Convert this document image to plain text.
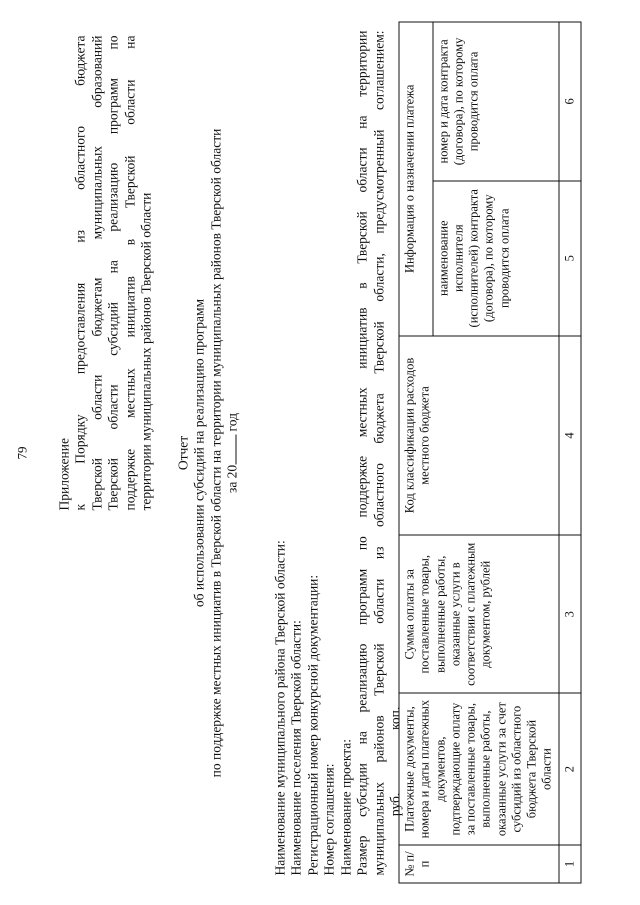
79 Приложение к Порядку предоставления из областного бюджета Тверской области бюджетам муниципальных образований Тверской области субсидий на реализацию программ по поддержке местных инициатив в Тверской области на территории муниципальных районов Тверской области Отчет об использовании субсидий на реализацию программ по поддержке местных инициатив в Тверской области на территории муниципальных районов Тверской области за 20 год
Наименование муниципального района Тверской области: Наименование поселения Тверской области: Регистрационный номер конкурсной документации: Номер соглашения: Наименование проекта: Размер субсидии на реализацию программ по поддержке местных инициатив в Тверской области на территории муниципальных районов Тверской области из областного бюджета Тверской области, предусмотренный соглашением: руб.  коп.
№ п/п	Платежные документы, номера и даты платежных документов, подтверждающие оплату за поставленные товары, выполненные работы, оказанные услуги за счет субсидий из областного бюджета Тверской области	Сумма оплаты за поставленные товары, выполненные работы, оказанные услуги в соответствии с платежным документом, рублей	Код классификации расходов местного бюджета	Информация о назначении платежа	
				наименование исполнителя (исполнителей) контракта (договора), по которому проводится оплата	номер и дата контракта (договора), по которому проводится оплата
1	2	3	4	5	6
